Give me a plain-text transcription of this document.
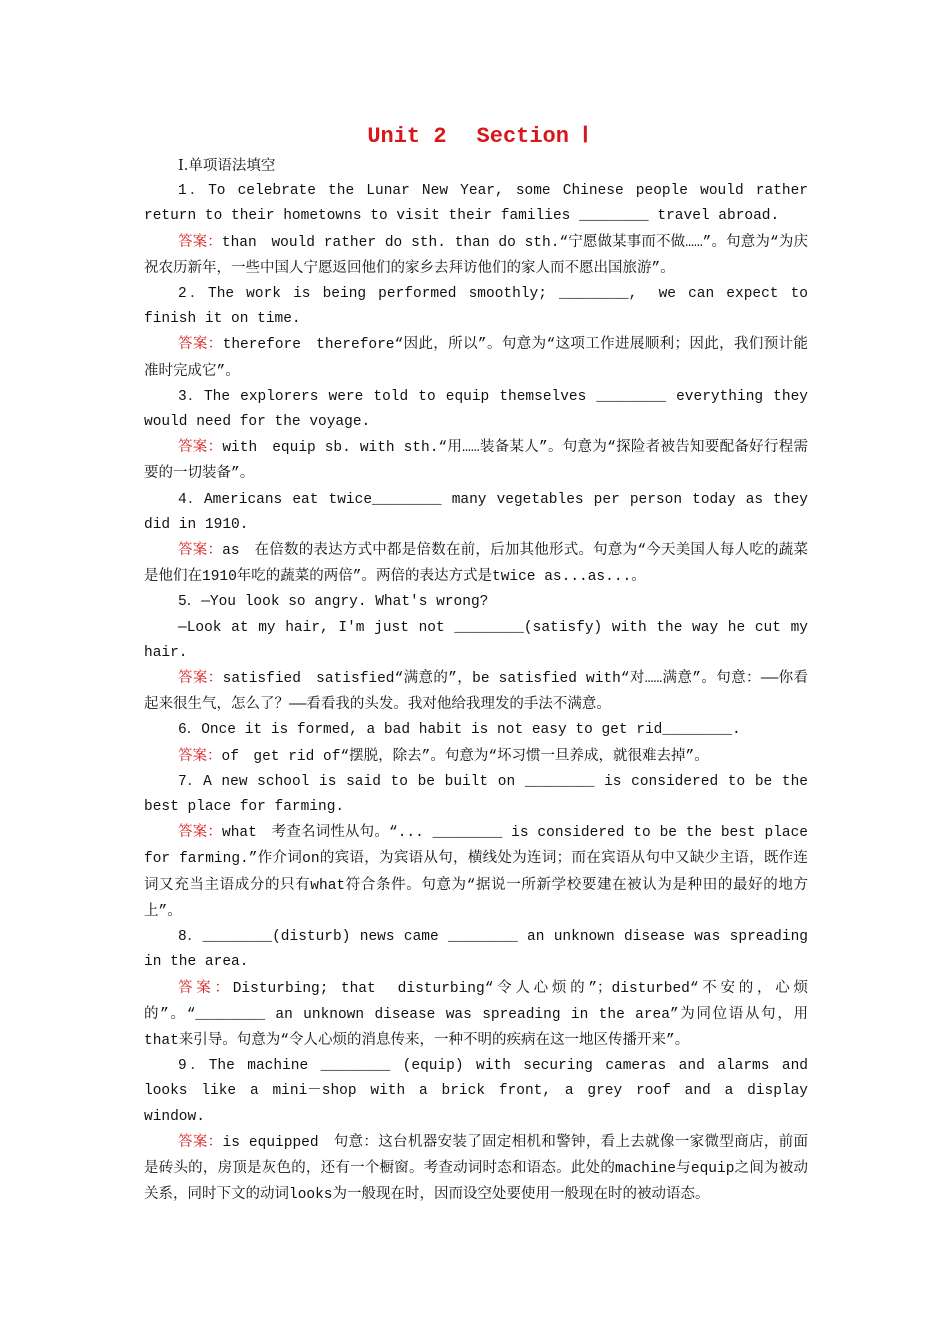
Unit 2 Section Ⅰ

Ⅰ.单项语法填空

1．To celebrate the Lunar New Year, some Chinese people would rather return to their hometowns to visit their families ________ travel abroad.

答案：than　would rather do sth. than do sth.“宁愿做某事而不做……”。句意为“为庆祝农历新年，一些中国人宁愿返回他们的家乡去拜访他们的家人而不愿出国旅游”。

2．The work is being performed smoothly; ________,　we can expect to finish it on time.

答案：therefore　therefore“因此，所以”。句意为“这项工作进展顺利；因此，我们预计能准时完成它”。

3．The explorers were told to equip themselves ________ everything they would need for the voyage.

答案：with　equip sb. with sth.“用……装备某人”。句意为“探险者被告知要配备好行程需要的一切装备”。

4．Americans eat twice________ many vegetables per person today as they did in 1910.

答案：as　在倍数的表达方式中都是倍数在前，后加其他形式。句意为“今天美国人每人吃的蔬菜是他们在1910年吃的蔬菜的两倍”。两倍的表达方式是twice as...as...。

5．—You look so angry. What's wrong?

—Look at my hair, I'm just not ________(satisfy) with the way he cut my hair.

答案：satisfied　satisfied“满意的”，be satisfied with“对……满意”。句意：——你看起来很生气，怎么了？——看看我的头发。我对他给我理发的手法不满意。

6．Once it is formed, a bad habit is not easy to get rid________.

答案：of　get rid of“摆脱，除去”。句意为“坏习惯一旦养成，就很难去掉”。

7．A new school is said to be built on ________ is considered to be the best place for farming.

答案：what　考查名词性从句。“... ________ is considered to be the best place for farming.”作介词on的宾语，为宾语从句，横线处为连词；而在宾语从句中又缺少主语，既作连词又充当主语成分的只有what符合条件。句意为“据说一所新学校要建在被认为是种田的最好的地方上”。

8．________(disturb) news came ________ an unknown disease was spreading in the area.

答案：Disturbing; that　disturbing“令人心烦的”；disturbed“不安的，心烦的”。“________ an unknown disease was spreading in the area”为同位语从句，用that来引导。句意为“令人心烦的消息传来，一种不明的疾病在这一地区传播开来”。

9．The machine ________ (equip) with securing cameras and alarms and looks like a mini－shop with a brick front, a grey roof and a display window.

答案：is equipped　句意：这台机器安装了固定相机和警钟，看上去就像一家微型商店，前面是砖头的，房顶是灰色的，还有一个橱窗。考查动词时态和语态。此处的machine与equip之间为被动关系，同时下文的动词looks为一般现在时，因而设空处要使用一般现在时的被动语态。
